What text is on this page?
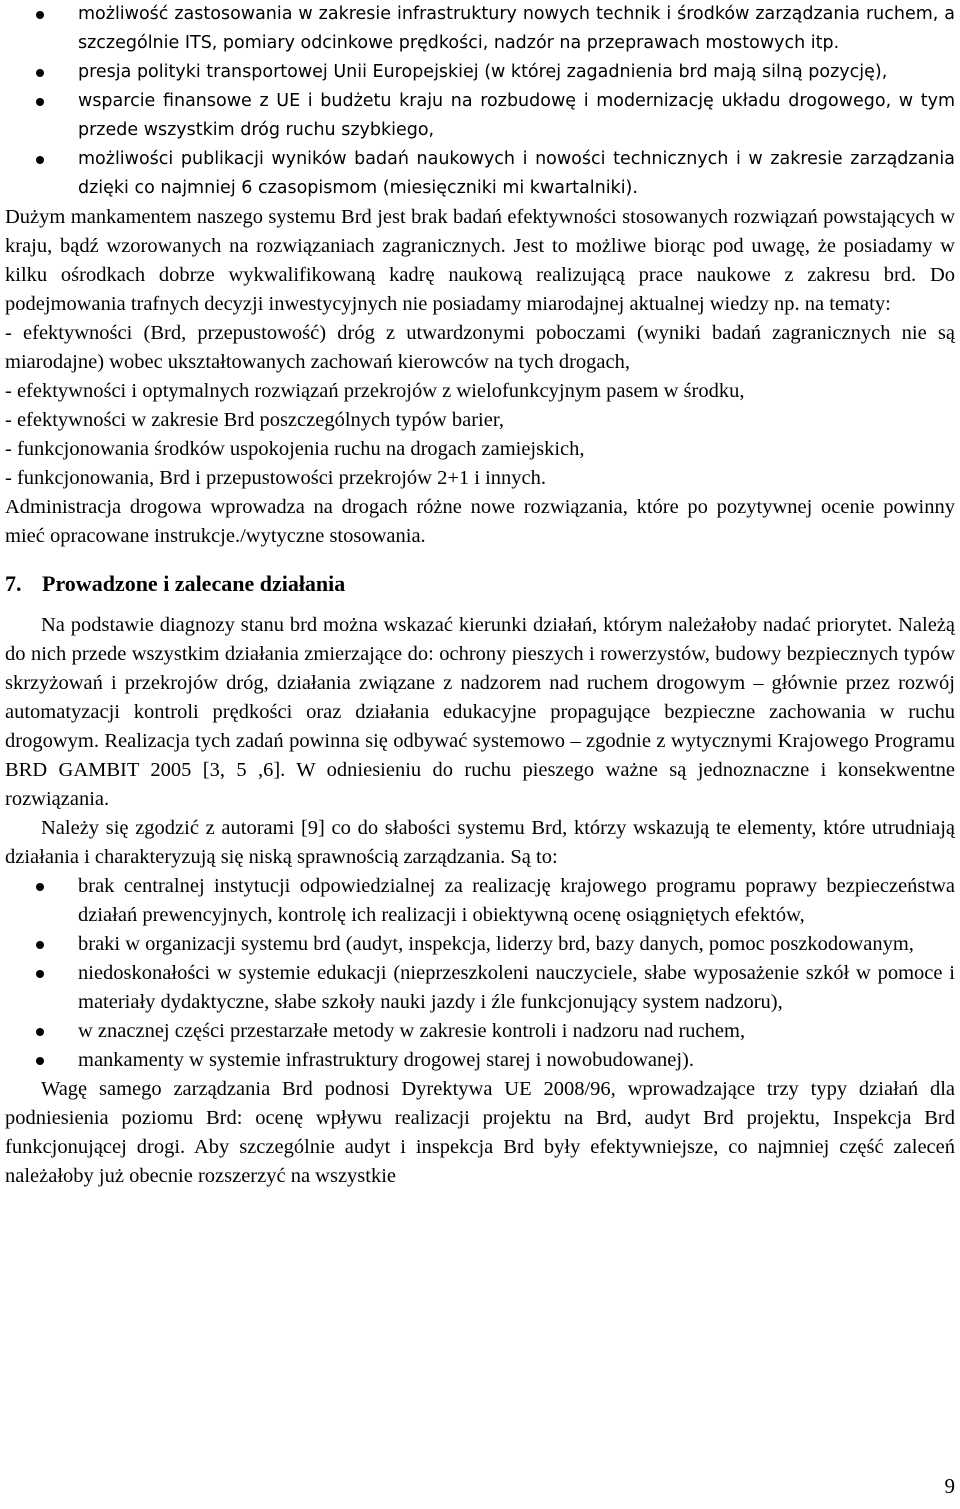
możliwość zastosowania w zakresie infrastruktury nowych technik i środków zarządzania ruchem, a szczególnie ITS, pomiary odcinkowe prędkości, nadzór na przeprawach mostowych itp.
presja polityki transportowej Unii Europejskiej (w której zagadnienia brd mają silną pozycję),
wsparcie finansowe z UE i budżetu kraju na rozbudowę i modernizację układu drogowego, w tym przede wszystkim dróg ruchu szybkiego,
możliwości publikacji wyników badań naukowych i nowości technicznych i w zakresie zarządzania dzięki co najmniej 6 czasopismom (miesięczniki mi kwartalniki).

Dużym mankamentem naszego systemu Brd jest brak badań efektywności stosowanych rozwiązań powstających w kraju, bądź wzorowanych na rozwiązaniach zagranicznych. Jest to możliwe biorąc pod uwagę, że posiadamy w kilku ośrodkach dobrze wykwalifikowaną kadrę naukową realizującą prace naukowe z zakresu brd. Do podejmowania trafnych decyzji inwestycyjnych nie posiadamy miarodajnej aktualnej wiedzy np. na tematy:

- efektywności (Brd, przepustowość) dróg z utwardzonymi poboczami (wyniki badań zagranicznych nie są miarodajne) wobec ukształtowanych zachowań kierowców na tych drogach,

- efektywności i optymalnych rozwiązań przekrojów z wielofunkcyjnym pasem w środku,

- efektywności w zakresie Brd poszczególnych typów barier,

- funkcjonowania środków uspokojenia ruchu na drogach zamiejskich,

- funkcjonowania, Brd i przepustowości przekrojów 2+1 i innych.

Administracja drogowa wprowadza na drogach różne nowe rozwiązania, które po pozytywnej ocenie powinny mieć opracowane instrukcje./wytyczne stosowania.

7. Prowadzone i zalecane działania

Na podstawie diagnozy stanu brd można wskazać kierunki działań, którym należałoby nadać priorytet. Należą do nich przede wszystkim działania zmierzające do: ochrony pieszych i rowerzystów, budowy bezpiecznych typów skrzyżowań i przekrojów dróg, działania związane z nadzorem nad ruchem drogowym – głównie przez rozwój automatyzacji kontroli prędkości oraz działania edukacyjne propagujące bezpieczne zachowania w ruchu drogowym. Realizacja tych zadań powinna się odbywać systemowo – zgodnie z wytycznymi Krajowego Programu BRD GAMBIT 2005 [3, 5 ,6]. W odniesieniu do ruchu pieszego ważne są jednoznaczne i konsekwentne rozwiązania.

Należy się zgodzić z autorami [9] co do słabości systemu Brd, którzy wskazują te elementy, które utrudniają działania i charakteryzują się niską sprawnością zarządzania. Są to:

brak centralnej instytucji odpowiedzialnej za realizację krajowego programu poprawy bezpieczeństwa działań prewencyjnych, kontrolę ich realizacji i obiektywną ocenę osiągniętych efektów,
braki w organizacji systemu brd (audyt, inspekcja, liderzy brd, bazy danych, pomoc poszkodowanym,
niedoskonałości w systemie edukacji (nieprzeszkoleni nauczyciele, słabe wyposażenie szkół w pomoce i materiały dydaktyczne, słabe szkoły nauki jazdy i źle funkcjonujący system nadzoru),
w znacznej części przestarzałe metody w zakresie kontroli i nadzoru nad ruchem,
mankamenty w systemie infrastruktury drogowej starej i nowobudowanej).

Wagę samego zarządzania Brd podnosi Dyrektywa UE 2008/96, wprowadzające trzy typy działań dla podniesienia poziomu Brd: ocenę wpływu realizacji projektu na Brd, audyt Brd projektu, Inspekcja Brd funkcjonującej drogi. Aby szczególnie audyt i inspekcja Brd były efektywniejsze, co najmniej część zaleceń należałoby już obecnie rozszerzyć na wszystkie

9
